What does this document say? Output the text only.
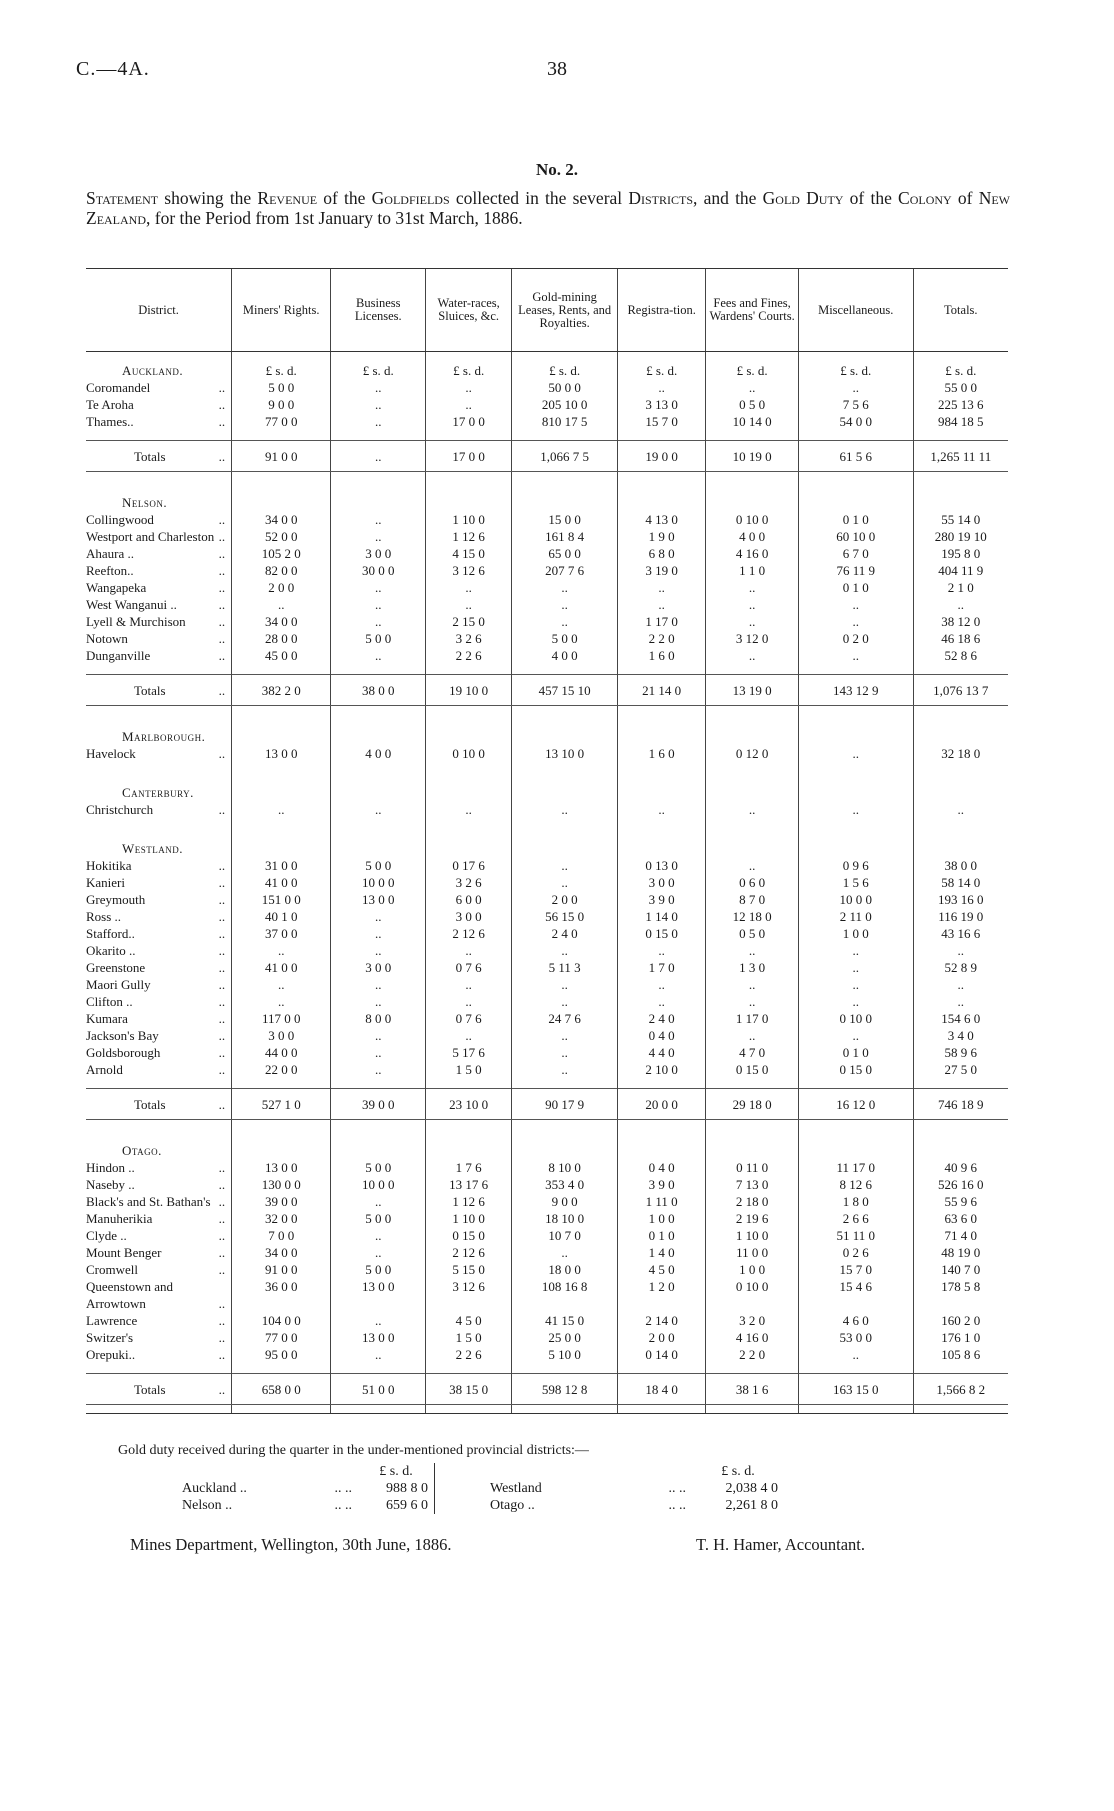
C.—4A.	38
No. 2.
Statement showing the Revenue of the Goldfields collected in the several Districts, and the Gold Duty of the Colony of New Zealand, for the Period from 1st January to 31st March, 1886.
District.	Miners' Rights.	Business Licenses.	Water-races, Sluices, &c.	Gold-mining Leases, Rents, and Royalties.	Registra-tion.	Fees and Fines, Wardens' Courts.	Miscellaneous.	Totals.

Auckland.	£ s. d.	£ s. d.	£ s. d.	£ s. d.	£ s. d.	£ s. d.	£ s. d.	£ s. d.
Coromandel ..	5 0 0	..	..	50 0 0	..	..	..	55 0 0
Te Aroha ..	9 0 0	..	..	205 10 0	3 13 0	0 5 0	7 5 6	225 13 6
Thames.. ..	77 0 0	..	17 0 0	810 17 5	15 7 0	10 14 0	54 0 0	984 18 5

Totals ..	91 0 0	..	17 0 0	1,066 7 5	19 0 0	10 19 0	61 5 6	1,265 11 11

Nelson.								
Collingwood ..	34 0 0	..	1 10 0	15 0 0	4 13 0	0 10 0	0 1 0	55 14 0
Westport and Charleston ..	52 0 0	..	1 12 6	161 8 4	1 9 0	4 0 0	60 10 0	280 19 10
Ahaura .. ..	105 2 0	3 0 0	4 15 0	65 0 0	6 8 0	4 16 0	6 7 0	195 8 0
Reefton.. ..	82 0 0	30 0 0	3 12 6	207 7 6	3 19 0	1 1 0	76 11 9	404 11 9
Wangapeka ..	2 0 0	..	..	..	..	..	0 1 0	2 1 0
West Wanganui .. ..	..	..	..	..	..	..	..	..
Lyell & Murchison ..	34 0 0	..	2 15 0	..	1 17 0	..	..	38 12 0
Notown ..	28 0 0	5 0 0	3 2 6	5 0 0	2 2 0	3 12 0	0 2 0	46 18 6
Dunganville ..	45 0 0	..	2 2 6	4 0 0	1 6 0	..	..	52 8 6

Totals ..	382 2 0	38 0 0	19 10 0	457 15 10	21 14 0	13 19 0	143 12 9	1,076 13 7

Marlborough.								
Havelock ..	13 0 0	4 0 0	0 10 0	13 10 0	1 6 0	0 12 0	..	32 18 0

Canterbury.								
Christchurch ..	..	..	..	..	..	..	..	..

Westland.								
Hokitika ..	31 0 0	5 0 0	0 17 6	..	0 13 0	..	0 9 6	38 0 0
Kanieri ..	41 0 0	10 0 0	3 2 6	..	3 0 0	0 6 0	1 5 6	58 14 0
Greymouth ..	151 0 0	13 0 0	6 0 0	2 0 0	3 9 0	8 7 0	10 0 0	193 16 0
Ross .. ..	40 1 0	..	3 0 0	56 15 0	1 14 0	12 18 0	2 11 0	116 19 0
Stafford.. ..	37 0 0	..	2 12 6	2 4 0	0 15 0	0 5 0	1 0 0	43 16 6
Okarito .. ..	..	..	..	..	..	..	..	..
Greenstone ..	41 0 0	3 0 0	0 7 6	5 11 3	1 7 0	1 3 0	..	52 8 9
Maori Gully ..	..	..	..	..	..	..	..	..
Clifton .. ..	..	..	..	..	..	..	..	..
Kumara ..	117 0 0	8 0 0	0 7 6	24 7 6	2 4 0	1 17 0	0 10 0	154 6 0
Jackson's Bay ..	3 0 0	..	..	..	0 4 0	..	..	3 4 0
Goldsborough ..	44 0 0	..	5 17 6	..	4 4 0	4 7 0	0 1 0	58 9 6
Arnold ..	22 0 0	..	1 5 0	..	2 10 0	0 15 0	0 15 0	27 5 0

Totals ..	527 1 0	39 0 0	23 10 0	90 17 9	20 0 0	29 18 0	16 12 0	746 18 9

Otago.								
Hindon .. ..	13 0 0	5 0 0	1 7 6	8 10 0	0 4 0	0 11 0	11 17 0	40 9 6
Naseby .. ..	130 0 0	10 0 0	13 17 6	353 4 0	3 9 0	7 13 0	8 12 6	526 16 0
Black's and St. Bathan's ..	39 0 0	..	1 12 6	9 0 0	1 11 0	2 18 0	1 8 0	55 9 6
Manuherikia ..	32 0 0	5 0 0	1 10 0	18 10 0	1 0 0	2 19 6	2 6 6	63 6 0
Clyde .. ..	7 0 0	..	0 15 0	10 7 0	0 1 0	1 10 0	51 11 0	71 4 0
Mount Benger ..	34 0 0	..	2 12 6	..	1 4 0	11 0 0	0 2 6	48 19 0
Cromwell ..	91 0 0	5 0 0	5 15 0	18 0 0	4 5 0	1 0 0	15 7 0	140 7 0
Queenstown and Arrowtown ..	36 0 0	13 0 0	3 12 6	108 16 8	1 2 0	0 10 0	15 4 6	178 5 8
Lawrence ..	104 0 0	..	4 5 0	41 15 0	2 14 0	3 2 0	4 6 0	160 2 0
Switzer's ..	77 0 0	13 0 0	1 5 0	25 0 0	2 0 0	4 16 0	53 0 0	176 1 0
Orepuki.. ..	95 0 0	..	2 2 6	5 10 0	0 14 0	2 2 0	..	105 8 6

Totals ..	658 0 0	51 0 0	38 15 0	598 12 8	18 4 0	38 1 6	163 15 0	1,566 8 2

Gold duty received during the quarter in the under-mentioned provincial districts:—
		£ s. d.					£ s. d.
Auckland ..	.. ..	988 8 0			Westland	.. ..	2,038 4 0
Nelson ..	.. ..	659 6 0			Otago ..	.. ..	2,261 8 0
Mines Department, Wellington, 30th June, 1886.	T. H. Hamer, Accountant.
